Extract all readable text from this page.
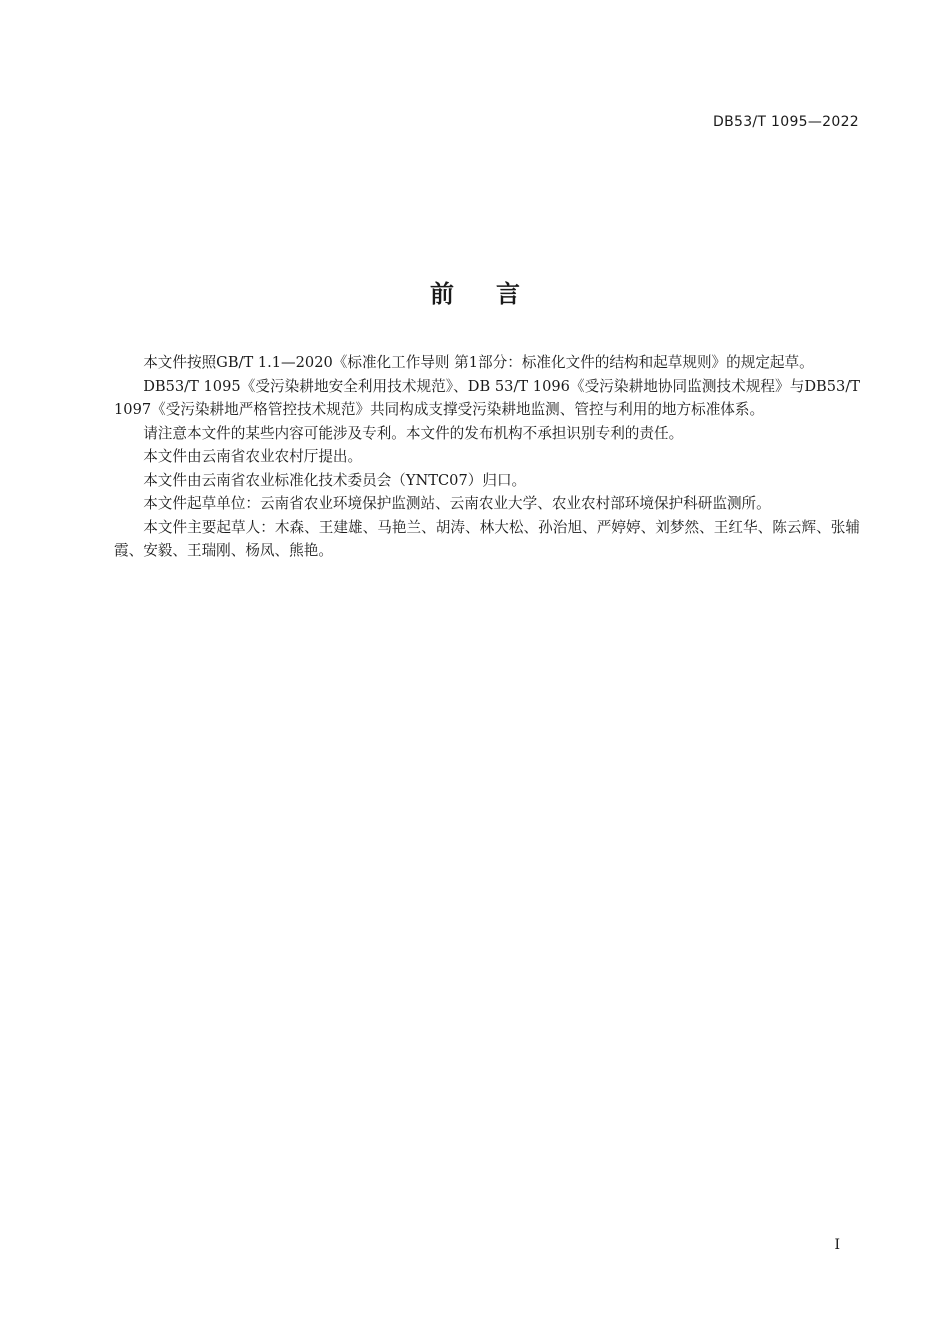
DB53/T 1095—2022
前言

本文件按照GB/T 1.1—2020《标准化工作导则 第1部分：标准化文件的结构和起草规则》的规定起草。

DB53/T 1095《受污染耕地安全利用技术规范》、DB 53/T 1096《受污染耕地协同监测技术规程》与DB53/T 1097《受污染耕地严格管控技术规范》共同构成支撑受污染耕地监测、管控与利用的地方标准体系。

请注意本文件的某些内容可能涉及专利。本文件的发布机构不承担识别专利的责任。

本文件由云南省农业农村厅提出。

本文件由云南省农业标准化技术委员会（YNTC07）归口。

本文件起草单位：云南省农业环境保护监测站、云南农业大学、农业农村部环境保护科研监测所。

本文件主要起草人：木森、王建雄、马艳兰、胡涛、林大松、孙治旭、严婷婷、刘梦然、王红华、陈云辉、张辅霞、安毅、王瑞刚、杨凤、熊艳。

I
